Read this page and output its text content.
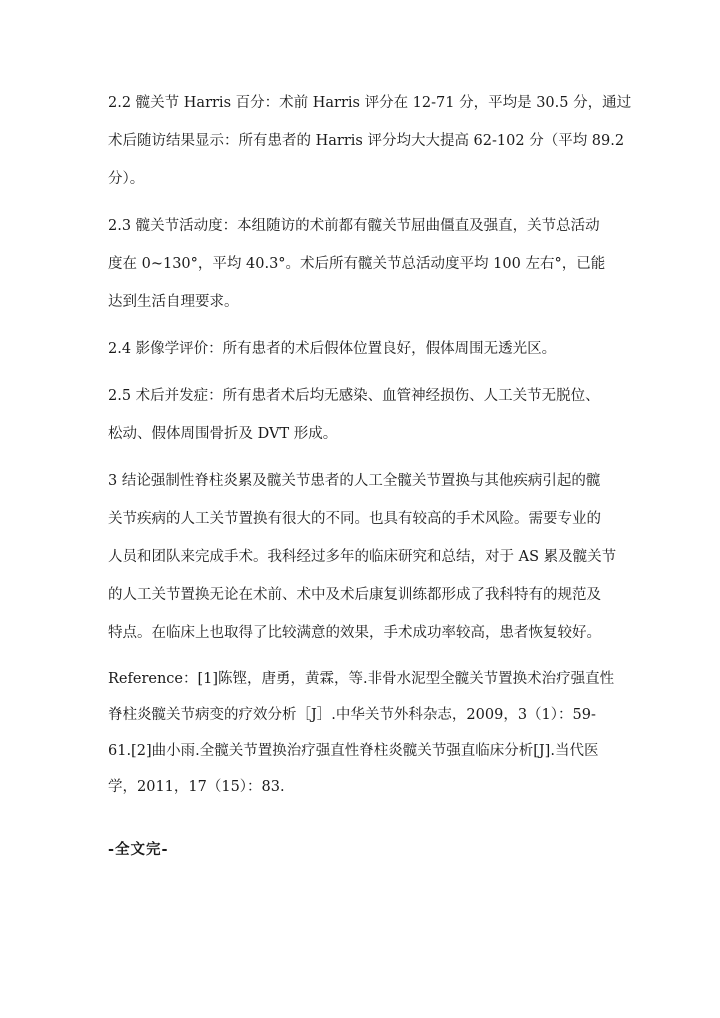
2.2 髋关节 Harris 百分：术前 Harris 评分在 12-71 分，平均是 30.5 分，通过
术后随访结果显示：所有患者的 Harris 评分均大大提高 62-102 分（平均 89.2
分）。

2.3 髋关节活动度：本组随访的术前都有髋关节屈曲僵直及强直，关节总活动
度在 0~130°，平均 40.3°。术后所有髋关节总活动度平均 100 左右°，已能
达到生活自理要求。

2.4 影像学评价：所有患者的术后假体位置良好，假体周围无透光区。

2.5 术后并发症：所有患者术后均无感染、血管神经损伤、人工关节无脱位、
松动、假体周围骨折及 DVT 形成。

3 结论强制性脊柱炎累及髋关节患者的人工全髋关节置换与其他疾病引起的髋
关节疾病的人工关节置换有很大的不同。也具有较高的手术风险。需要专业的
人员和团队来完成手术。我科经过多年的临床研究和总结，对于 AS 累及髋关节
的人工关节置换无论在术前、术中及术后康复训练都形成了我科特有的规范及
特点。在临床上也取得了比较满意的效果，手术成功率较高，患者恢复较好。

Reference：[1]陈铿，唐勇，黄霖，等.非骨水泥型全髋关节置换术治疗强直性
脊柱炎髋关节病变的疗效分析［J］.中华关节外科杂志，2009，3（1）：59-
61.[2]曲小雨.全髋关节置换治疗强直性脊柱炎髋关节强直临床分析[J].当代医
学，2011，17（15）：83.

-全文完-
